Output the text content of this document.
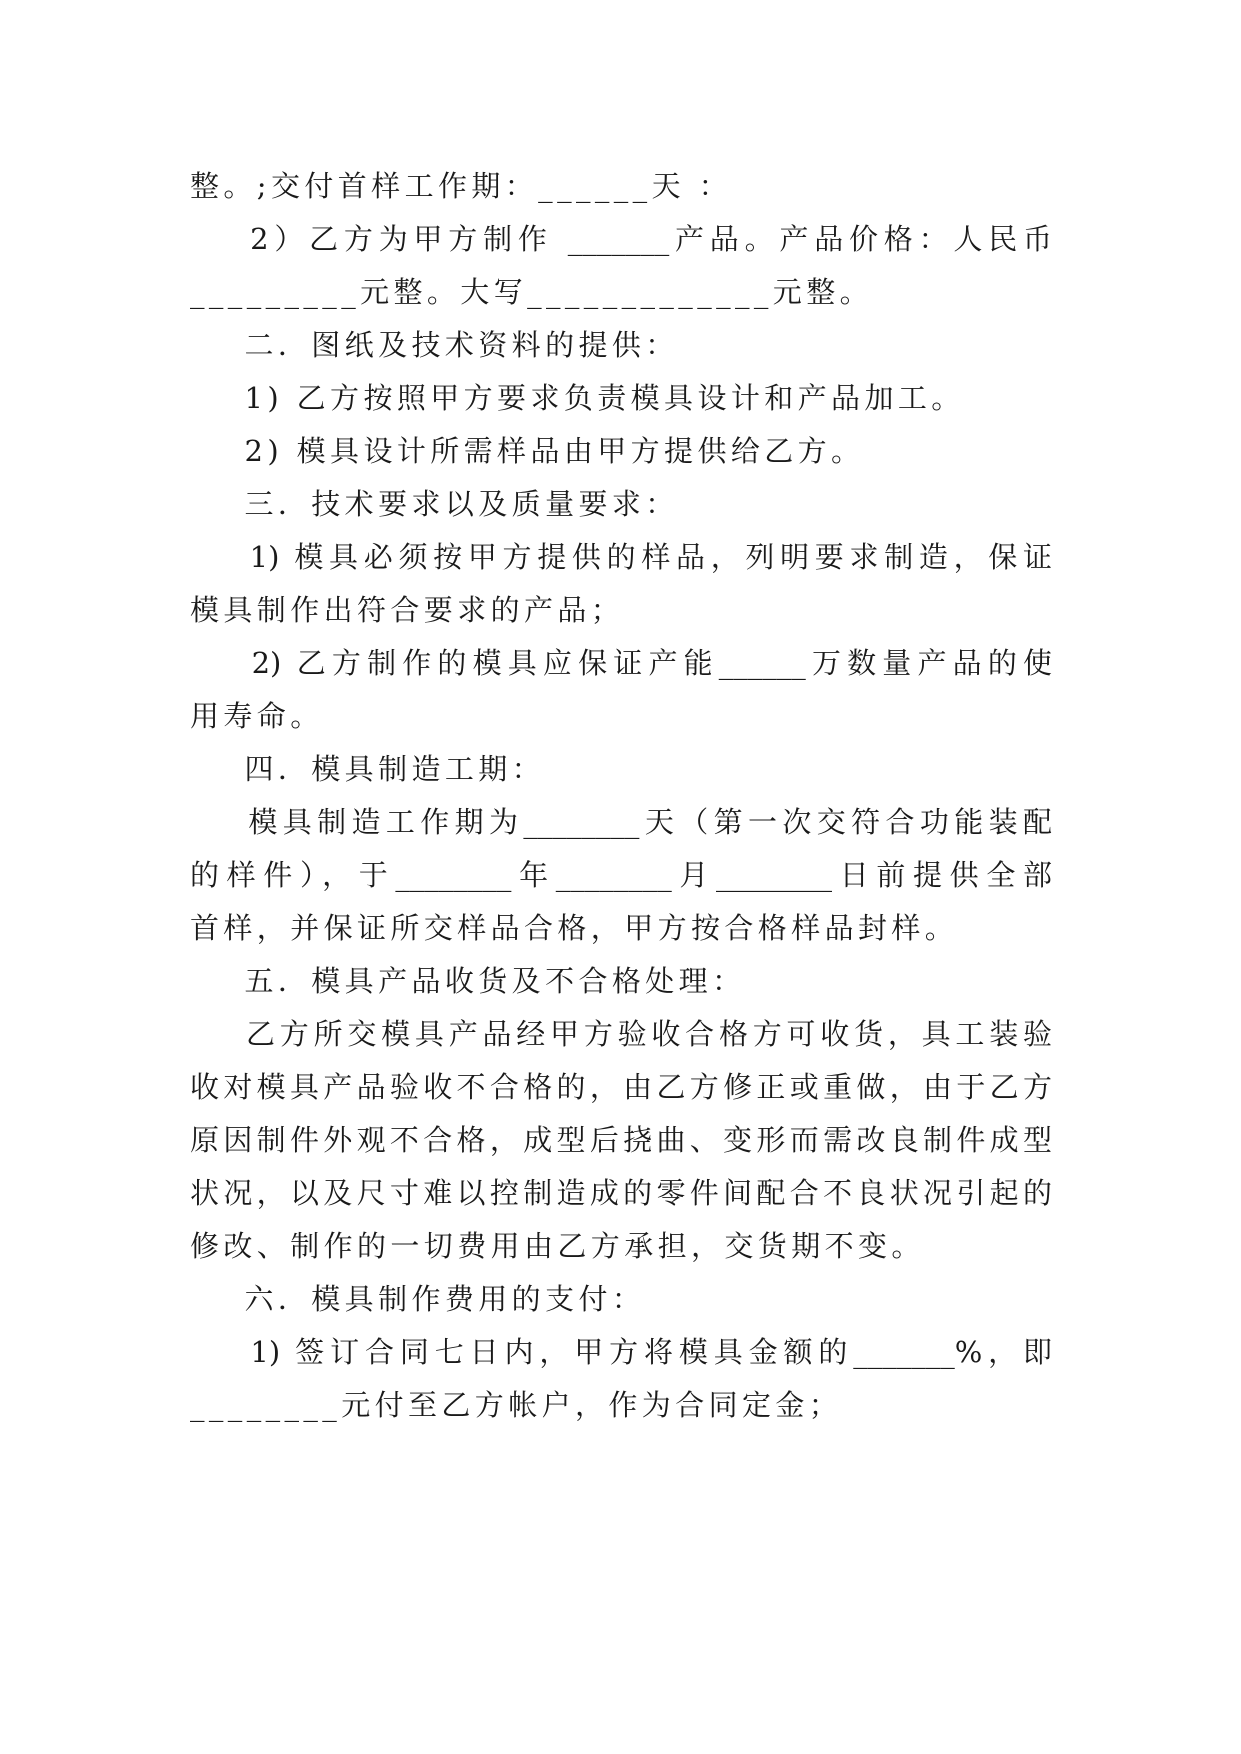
整。;交付首样工作期：______天 ：
2）乙方为甲方制作 _______产品。产品价格：人民币
_________元整。大写_____________元整。
二．图纸及技术资料的提供：
1) 乙方按照甲方要求负责模具设计和产品加工。
2) 模具设计所需样品由甲方提供给乙方。
三．技术要求以及质量要求：
1) 模具必须按甲方提供的样品，列明要求制造，保证
模具制作出符合要求的产品；
2) 乙方制作的模具应保证产能______万数量产品的使
用寿命。
四．模具制造工期：
模具制造工作期为________天（第一次交符合功能装配
的样件），于________年________月________日前提供全部
首样，并保证所交样品合格，甲方按合格样品封样。
五．模具产品收货及不合格处理：
乙方所交模具产品经甲方验收合格方可收货，具工装验
收对模具产品验收不合格的，由乙方修正或重做，由于乙方
原因制件外观不合格，成型后挠曲、变形而需改良制件成型
状况，以及尺寸难以控制造成的零件间配合不良状况引起的
修改、制作的一切费用由乙方承担，交货期不变。
六．模具制作费用的支付：
1) 签订合同七日内，甲方将模具金额的_______%，即
________元付至乙方帐户，作为合同定金；
